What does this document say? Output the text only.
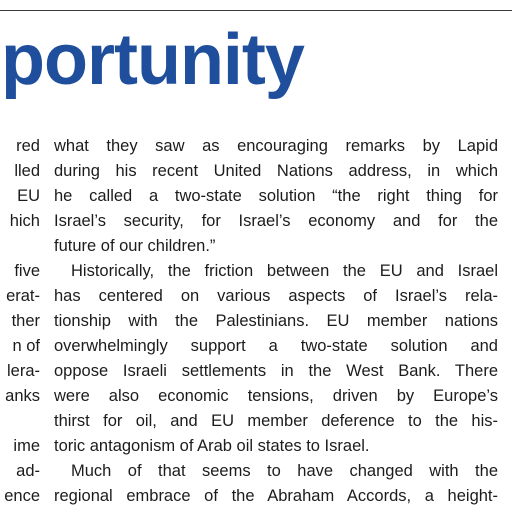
portunity
red
lled
EU
hich
five
erat-
ther
n of
lera-
anks
ime
ad-
ence
what they saw as encouraging remarks by Lapid
during his recent United Nations address, in which
he called a two-state solution “the right thing for
Israel’s security, for Israel’s economy and for the
future of our children.”
Historically, the friction between the EU and Israel
has centered on various aspects of Israel’s rela-
tionship with the Palestinians. EU member nations
overwhelmingly support a two-state solution and
oppose Israeli settlements in the West Bank. There
were also economic tensions, driven by Europe’s
thirst for oil, and EU member deference to the his-
toric antagonism of Arab oil states to Israel.
Much of that seems to have changed with the
regional embrace of the Abraham Accords, a height-
